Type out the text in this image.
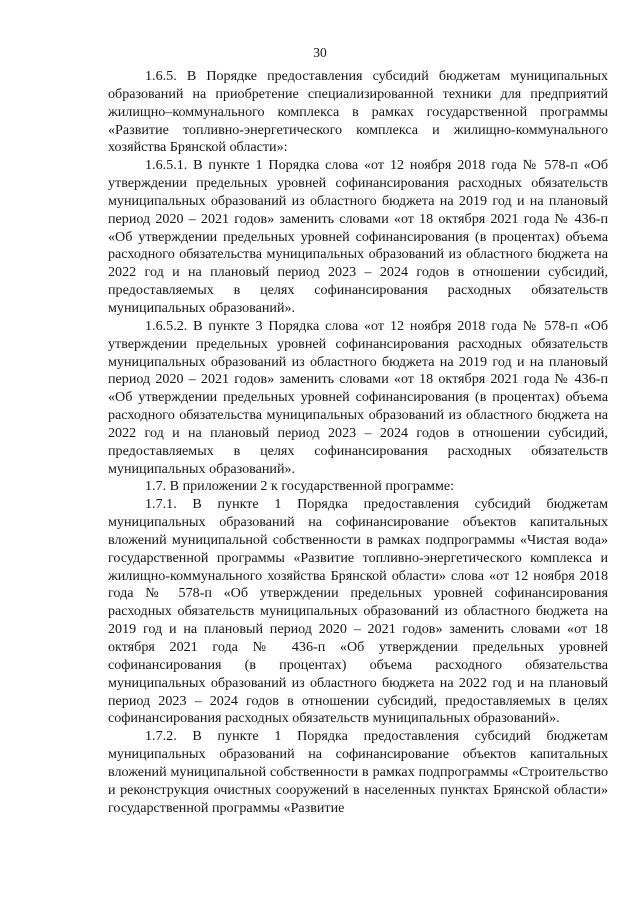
30

1.6.5. В Порядке предоставления субсидий бюджетам муниципальных образований на приобретение специализированной техники для предприятий жилищно–коммунального комплекса в рамках государственной программы «Развитие топливно-энергетического комплекса и жилищно-коммунального хозяйства Брянской области»:

1.6.5.1. В пункте 1 Порядка слова «от 12 ноября 2018 года № 578-п «Об утверждении предельных уровней софинансирования расходных обязательств муниципальных образований из областного бюджета на 2019 год и на плановый период 2020 – 2021 годов» заменить словами «от 18 октября 2021 года № 436-п «Об утверждении предельных уровней софинансирования (в процентах) объема расходного обязательства муниципальных образований из областного бюджета на 2022 год и на плановый период 2023 – 2024 годов в отношении субсидий, предоставляемых в целях софинансирования расходных обязательств муниципальных образований».

1.6.5.2. В пункте 3 Порядка слова «от 12 ноября 2018 года № 578-п «Об утверждении предельных уровней софинансирования расходных обязательств муниципальных образований из областного бюджета на 2019 год и на плановый период 2020 – 2021 годов» заменить словами «от 18 октября 2021 года № 436-п «Об утверждении предельных уровней софинансирования (в процентах) объема расходного обязательства муниципальных образований из областного бюджета на 2022 год и на плановый период 2023 – 2024 годов в отношении субсидий, предоставляемых в целях софинансирования расходных обязательств муниципальных образований».

1.7. В приложении 2 к государственной программе:

1.7.1. В пункте 1 Порядка предоставления субсидий бюджетам муниципальных образований на софинансирование объектов капитальных вложений муниципальной собственности в рамках подпрограммы «Чистая вода» государственной программы «Развитие топливно-энергетического комплекса и жилищно-коммунального хозяйства Брянской области» слова «от 12 ноября 2018 года № 578-п «Об утверждении предельных уровней софинансирования расходных обязательств муниципальных образований из областного бюджета на 2019 год и на плановый период 2020 – 2021 годов» заменить словами «от 18 октября 2021 года № 436-п «Об утверждении предельных уровней софинансирования (в процентах) объема расходного обязательства муниципальных образований из областного бюджета на 2022 год и на плановый период 2023 – 2024 годов в отношении субсидий, предоставляемых в целях софинансирования расходных обязательств муниципальных образований».

1.7.2. В пункте 1 Порядка предоставления субсидий бюджетам муниципальных образований на софинансирование объектов капитальных вложений муниципальной собственности в рамках подпрограммы «Строительство и реконструкция очистных сооружений в населенных пунктах Брянской области» государственной программы «Развитие
